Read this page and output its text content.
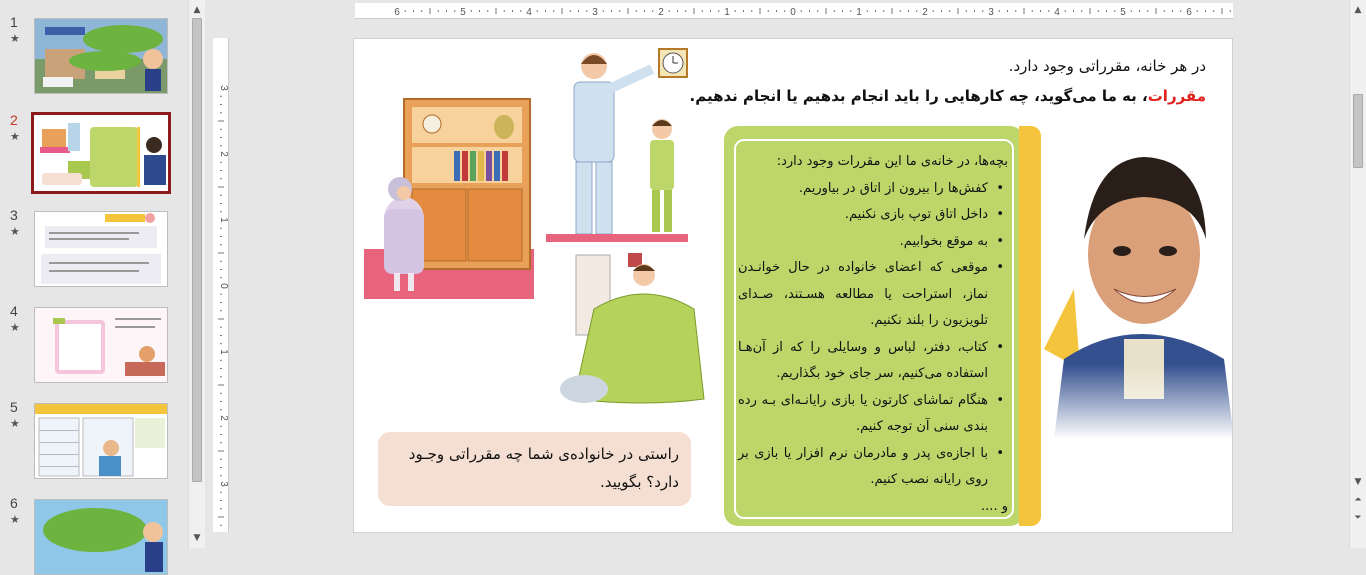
1
★
2
★
3
★
4
★
5
★
6
★
▲
▼
6	5	4	3	2	1	0	1	2	3	4	5	6
3
2
1
0
1
2
3
در هر خانه، مقرراتی وجود دارد.
مقررات، به ما می‌گوید، چه کارهایی را باید انجام بدهیم یا انجام ندهیم.
بچه‌ها، در خانه‌ی ما این مقررات وجود دارد:
• کفش‌ها را بیرون از اتاق در بیاوریم.
• داخل اتاق توپ بازی نکنیم.
• به موقع بخوابیم.
• موقعی که اعضای خانواده در حال خوانـدن نماز، استراحت یا مطالعه هسـتند، صـدای تلویزیون را بلند نکنیم.
• کتاب، دفتر، لباس و وسایلی را که از آن‌هـا استفاده می‌کنیم، سر جای خود بگذاریم.
• هنگام تماشای کارتون یا بازی رایانـه‌ای بـه رده بندی سنی آن توجه کنیم.
• با اجازه‌ی پدر و مادرمان نرم افزار یا بازی بر روی رایانه نصب کنیم.
و ....
راستی در خانواده‌ی شما چه مقرراتی وجـود دارد؟ بگویید.
▲
▼
⏶
⏷
